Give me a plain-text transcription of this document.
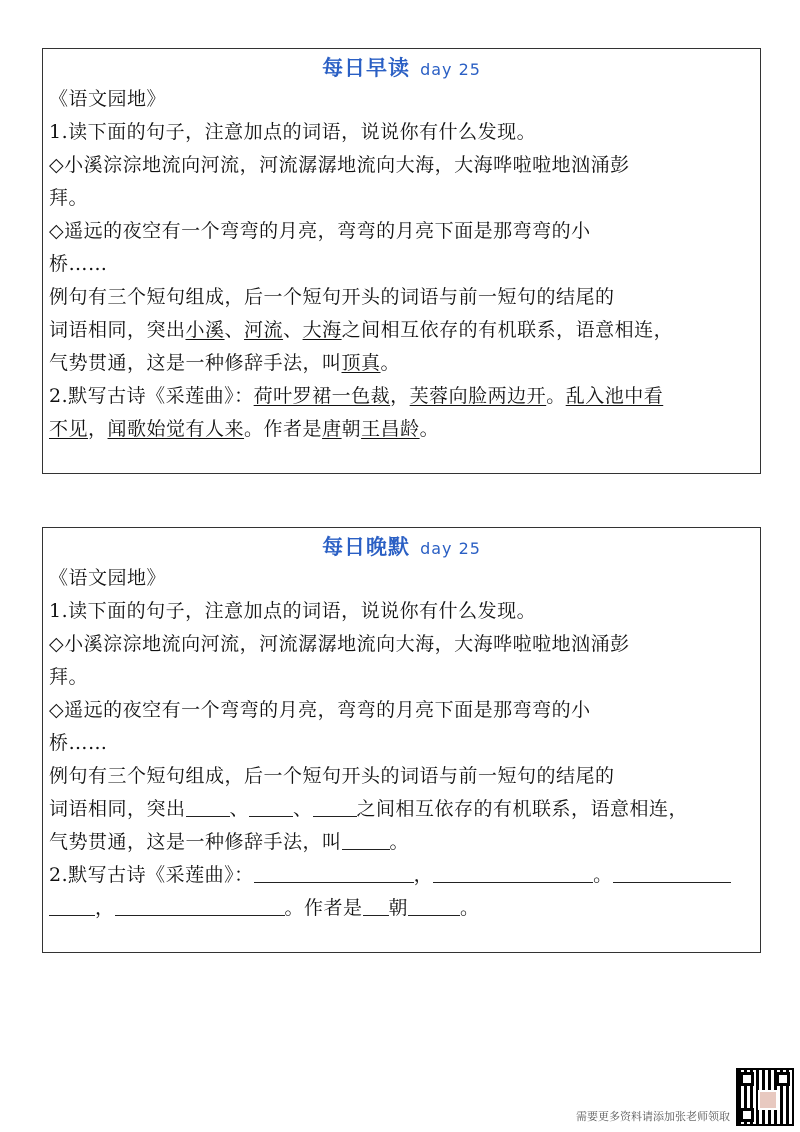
每日早读 day 25
《语文园地》
1.读下面的句子，注意加点的词语，说说你有什么发现。
◇小溪淙淙地流向河流，河流潺潺地流向大海，大海哗啦啦地汹涌彭
拜。
◇遥远的夜空有一个弯弯的月亮，弯弯的月亮下面是那弯弯的小
桥……
例句有三个短句组成，后一个短句开头的词语与前一短句的结尾的
词语相同，突出小溪、河流、大海之间相互依存的有机联系，语意相连，
气势贯通，这是一种修辞手法，叫顶真。
2.默写古诗《采莲曲》：荷叶罗裙一色裁，芙蓉向脸两边开。乱入池中看
不见，闻歌始觉有人来。作者是唐朝王昌龄。
每日晚默 day 25
《语文园地》
1.读下面的句子，注意加点的词语，说说你有什么发现。
◇小溪淙淙地流向河流，河流潺潺地流向大海，大海哗啦啦地汹涌彭
拜。
◇遥远的夜空有一个弯弯的月亮，弯弯的月亮下面是那弯弯的小
桥……
例句有三个短句组成，后一个短句开头的词语与前一短句的结尾的
词语相同，突出 、 、 之间相互依存的有机联系，语意相连，
气势贯通，这是一种修辞手法，叫	。
2.默写古诗《采莲曲》：	，	。
，	。作者是 朝	。
需要更多资料请添加张老师领取
